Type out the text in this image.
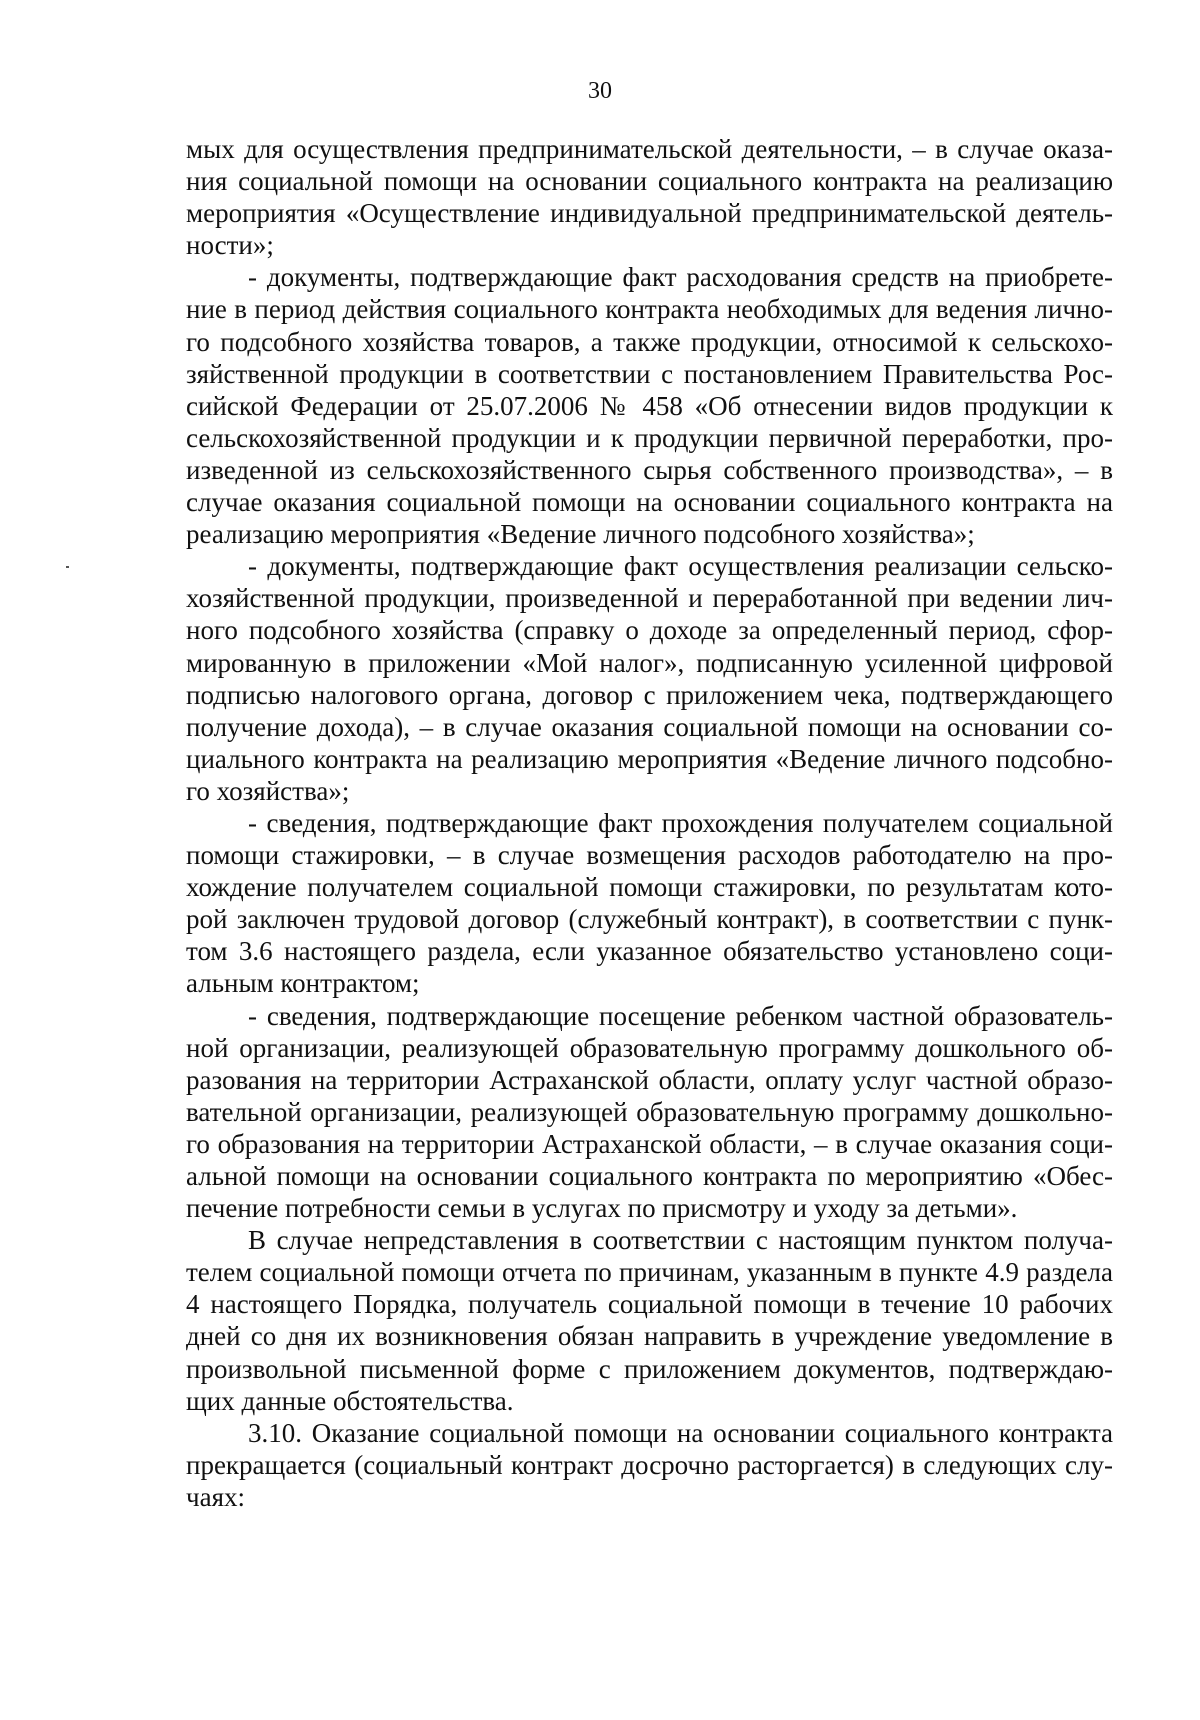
30
мых для осуществления предпринимательской деятельности, – в случае оказа-
ния социальной помощи на основании социального контракта на реализацию
мероприятия «Осуществление индивидуальной предпринимательской деятель-
ности»;
- документы, подтверждающие факт расходования средств на приобрете-
ние в период действия социального контракта необходимых для ведения лично-
го подсобного хозяйства товаров, а также продукции, относимой к сельскохо-
зяйственной продукции в соответствии с постановлением Правительства Рос-
сийской Федерации от 25.07.2006 № 458 «Об отнесении видов продукции к
сельскохозяйственной продукции и к продукции первичной переработки, про-
изведенной из сельскохозяйственного сырья собственного производства», – в
случае оказания социальной помощи на основании социального контракта на
реализацию мероприятия «Ведение личного подсобного хозяйства»;
- документы, подтверждающие факт осуществления реализации сельско-
хозяйственной продукции, произведенной и переработанной при ведении лич-
ного подсобного хозяйства (справку о доходе за определенный период, сфор-
мированную в приложении «Мой налог», подписанную усиленной цифровой
подписью налогового органа, договор с приложением чека, подтверждающего
получение дохода), – в случае оказания социальной помощи на основании со-
циального контракта на реализацию мероприятия «Ведение личного подсобно-
го хозяйства»;
- сведения, подтверждающие факт прохождения получателем социальной
помощи стажировки, – в случае возмещения расходов работодателю на про-
хождение получателем социальной помощи стажировки, по результатам кото-
рой заключен трудовой договор (служебный контракт), в соответствии с пунк-
том 3.6 настоящего раздела, если указанное обязательство установлено соци-
альным контрактом;
- сведения, подтверждающие посещение ребенком частной образователь-
ной организации, реализующей образовательную программу дошкольного об-
разования на территории Астраханской области, оплату услуг частной образо-
вательной организации, реализующей образовательную программу дошкольно-
го образования на территории Астраханской области, – в случае оказания соци-
альной помощи на основании социального контракта по мероприятию «Обес-
печение потребности семьи в услугах по присмотру и уходу за детьми».
В случае непредставления в соответствии с настоящим пунктом получа-
телем социальной помощи отчета по причинам, указанным в пункте 4.9 раздела
4 настоящего Порядка, получатель социальной помощи в течение 10 рабочих
дней со дня их возникновения обязан направить в учреждение уведомление в
произвольной письменной форме с приложением документов, подтверждаю-
щих данные обстоятельства.
3.10. Оказание социальной помощи на основании социального контракта
прекращается (социальный контракт досрочно расторгается) в следующих слу-
чаях:
